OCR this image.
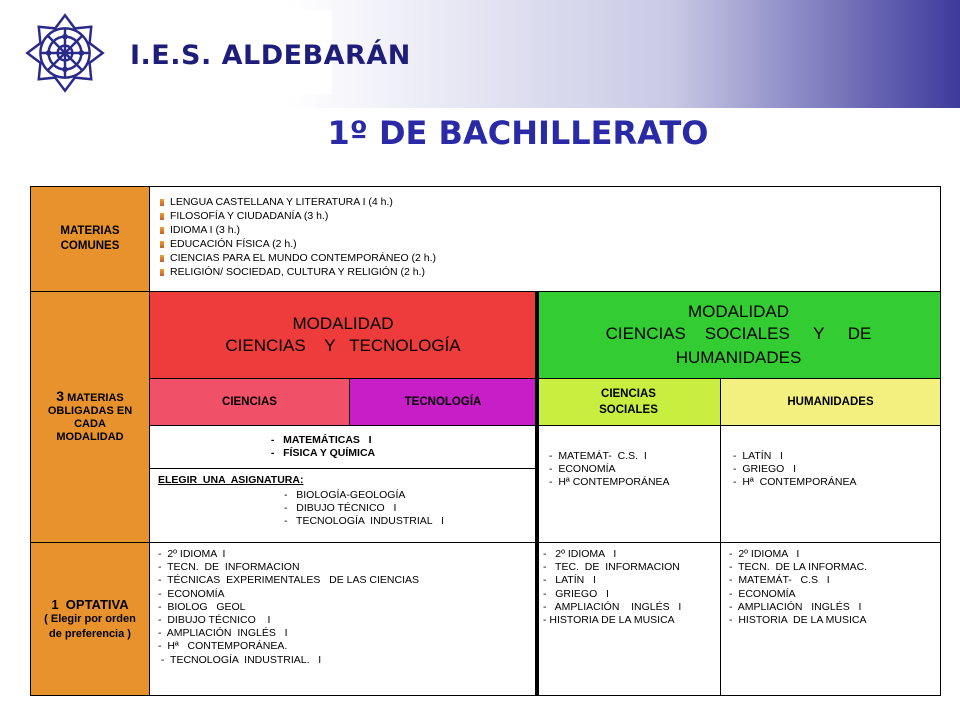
I.E.S. ALDEBARÁN
1º DE BACHILLERATO
MATERIAS COMUNES
LENGUA CASTELLANA Y LITERATURA I (4 h.)
FILOSOFÍA Y CIUDADANÍA (3 h.)
IDIOMA I (3 h.)
EDUCACIÓN FÍSICA (2 h.)
CIENCIAS PARA EL MUNDO CONTEMPORÁNEO (2 h.)
RELIGIÓN/ SOCIEDAD, CULTURA Y RELIGIÓN (2 h.)
3 MATERIAS OBLIGADAS EN CADA MODALIDAD
MODALIDAD
CIENCIAS    Y   TECNOLOGÍA
MODALIDAD
CIENCIAS    SOCIALES     Y     DE
HUMANIDADES
CIENCIAS	TECNOLOGÍA
CIENCIAS
SOCIALES
HUMANIDADES
-   MATEMÁTICAS   I
-   FÍSICA Y QUÍMICA
ELEGIR  UNA  ASIGNATURA:
-   BIOLOGÍA-GEOLOGÍA
-   DIBUJO TÉCNICO   I
-   TECNOLOGÍA  INDUSTRIAL   I
-  MATEMÁT-  C.S.  I
-  ECONOMÍA
-  Hª CONTEMPORÁNEA
-  LATÍN   I
-  GRIEGO   I
-  Hª  CONTEMPORÁNEA
1  OPTATIVA
( Elegir por orden de preferencia )
-  2º IDIOMA  I
-  TECN.  DE  INFORMACION
-  TÉCNICAS  EXPERIMENTALES   DE LAS CIENCIAS
-  ECONOMÍA
-  BIOLOG   GEOL
-  DIBUJO TÉCNICO    I
-  AMPLIACIÓN  INGLÉS   I
-  Hª   CONTEMPORÁNEA.
-  TECNOLOGÍA  INDUSTRIAL.   I
-   2º IDIOMA   I
-   TEC.  DE  INFORMACION
-   LATÍN   I
-   GRIEGO   I
-   AMPLIACIÓN    INGLÉS   I
- HISTORIA DE LA MUSICA
-  2º IDIOMA   I
-  TECN.  DE LA INFORMAC.
-  MATEMÁT-   C.S   I
-  ECONOMÍA
-  AMPLIACIÓN   INGLÉS   I
-  HISTORIA  DE LA MUSICA
